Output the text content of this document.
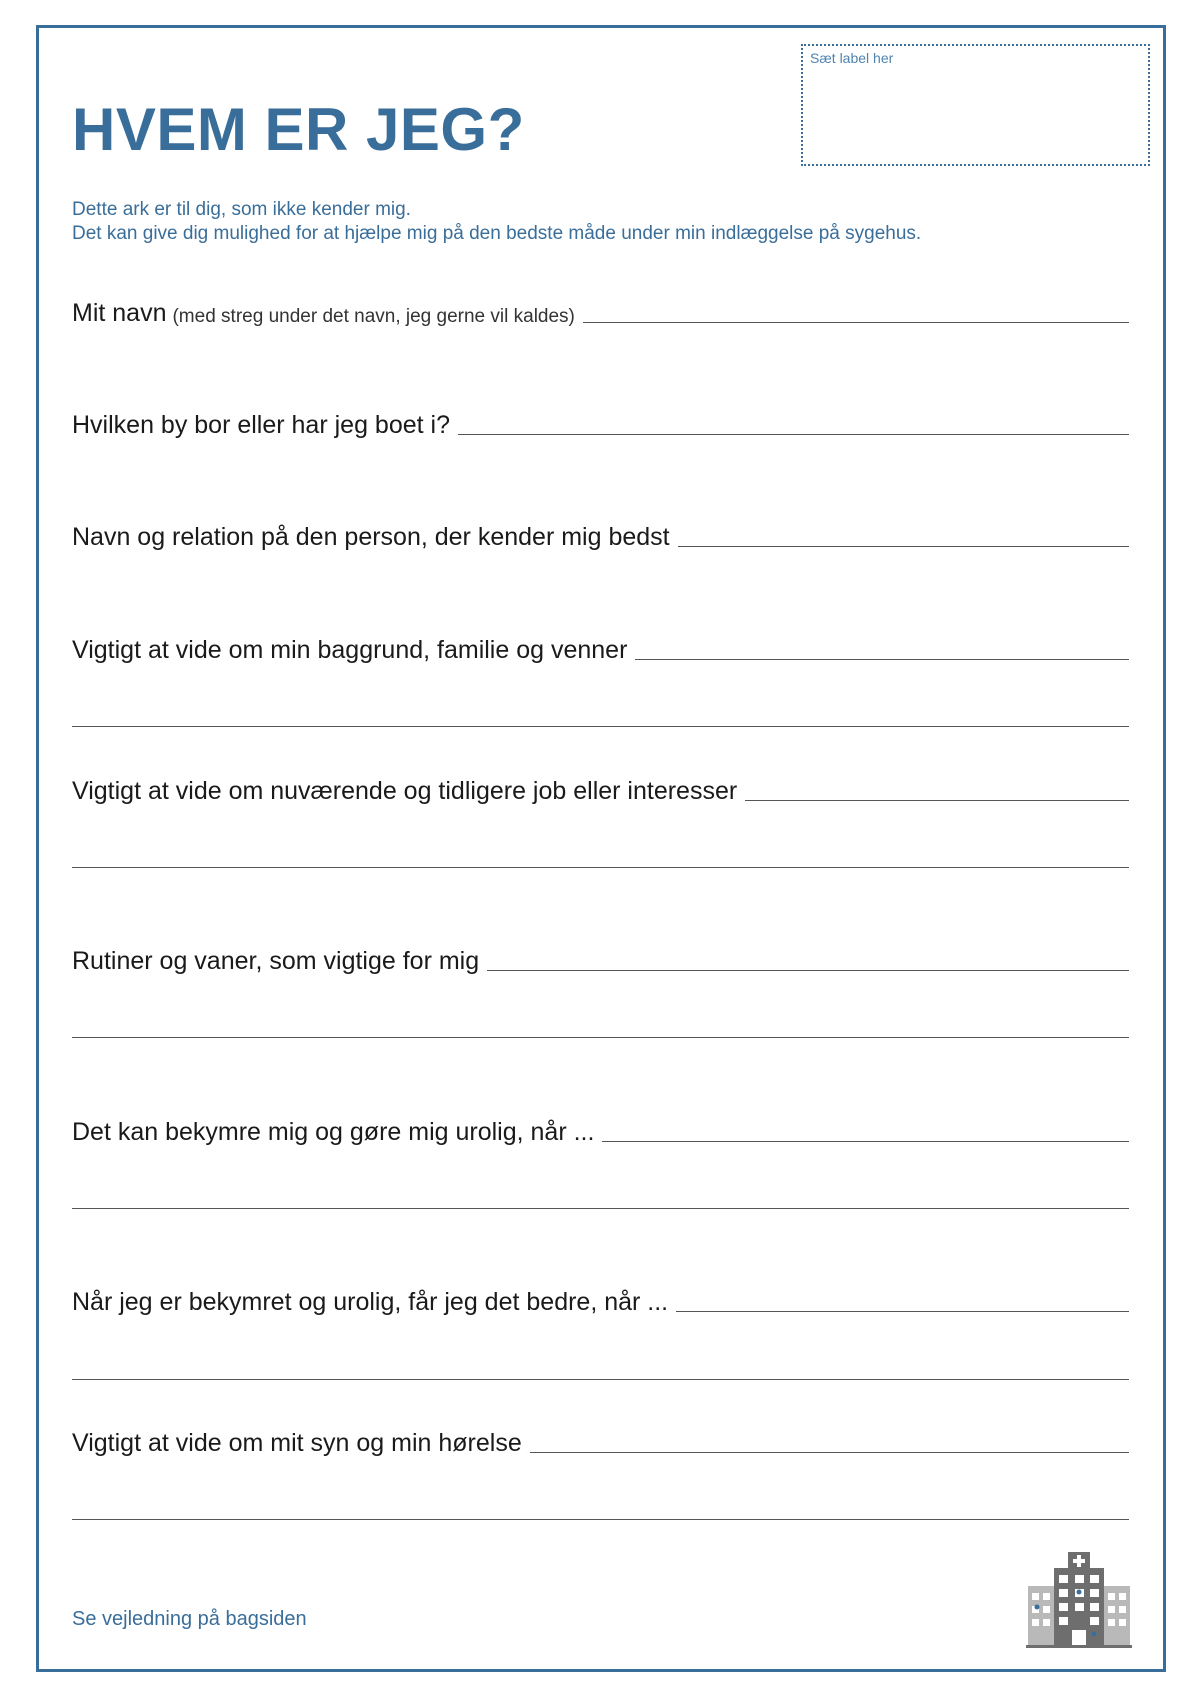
Sæt label her
HVEM ER JEG?
Dette ark er til dig, som ikke kender mig.
Det kan give dig mulighed for at hjælpe mig på den bedste måde under min indlæggelse på sygehus.
Mit navn (med streg under det navn, jeg gerne vil kaldes)
Hvilken by bor eller har jeg boet i?
Navn og relation på den person, der kender mig bedst
Vigtigt at vide om min baggrund, familie og venner
Vigtigt at vide om nuværende og tidligere job eller interesser
Rutiner og vaner, som vigtige for mig
Det kan bekymre mig og gøre mig urolig, når ...
Når jeg er bekymret og urolig, får jeg det bedre, når ...
Vigtigt at vide om mit syn og min hørelse
Se vejledning på bagsiden
